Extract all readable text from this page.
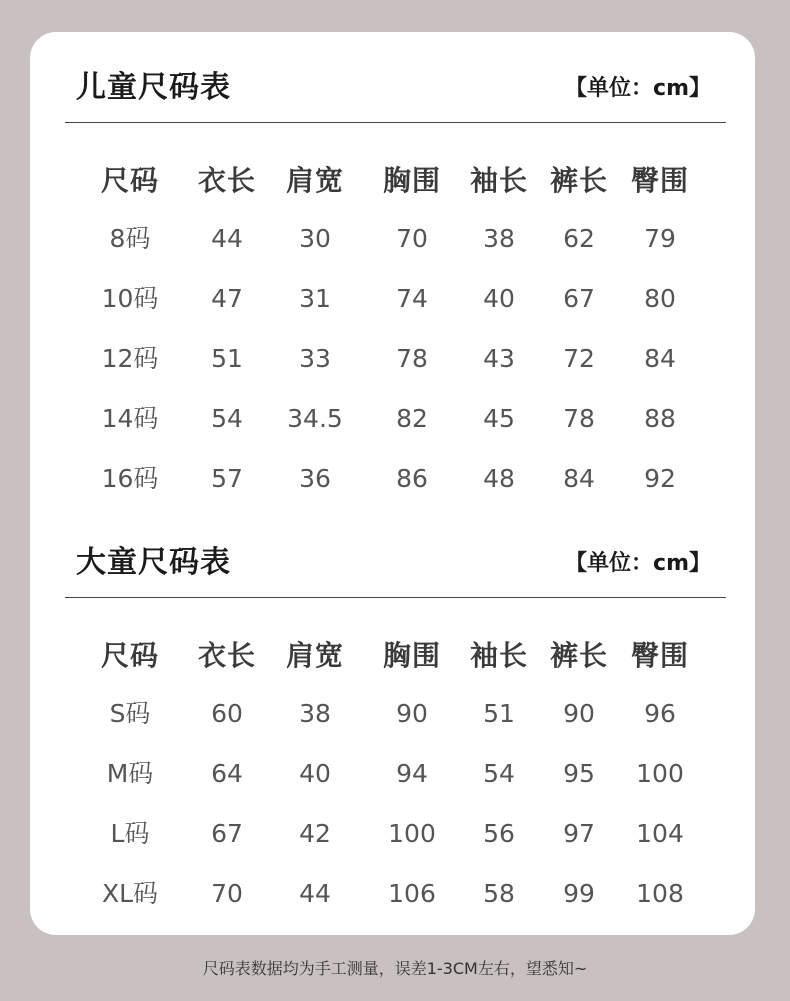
儿童尺码表	【单位：cm】
尺码	衣长	肩宽	胸围	袖长 裤长 臀围
8码	44	30	70	38	62	79
10码	47	31	74	40	67	80
12码	51	33	78	43	72	84
14码	54	34.5	82	45	78	88
16码	57	36	86	48	84	92
大童尺码表	【单位：cm】
尺码	衣长	肩宽	胸围	袖长 裤长 臀围
S码	60	38	90	51	90	96
M码	64	40	94	54	95	100
L码	67	42	100	56	97	104
XL码	70	44	106	58	99	108
尺码表数据均为手工测量，误差1-3CM左右，望悉知~
